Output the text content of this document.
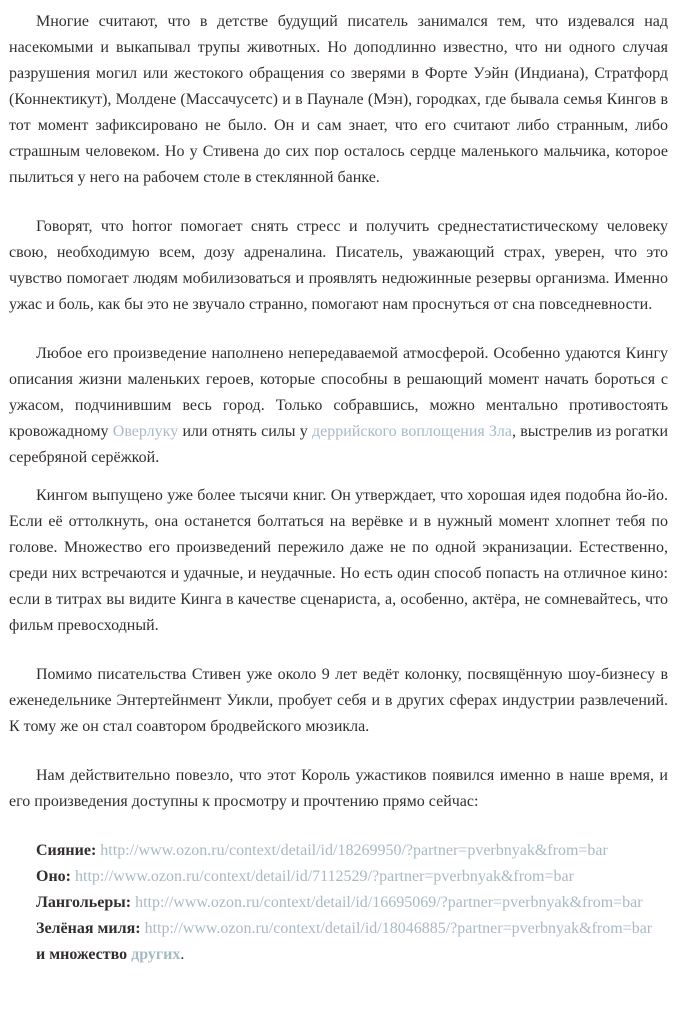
Многие считают, что в детстве будущий писатель занимался тем, что издевался над насекомыми и выкапывал трупы животных. Но доподлинно известно, что ни одного случая разрушения могил или жестокого обращения со зверями в Форте Уэйн (Индиана), Стратфорд (Коннектикут), Молдене (Массачусетс) и в Паунале (Мэн), городках, где бывала семья Кингов в тот момент зафиксировано не было. Он и сам знает, что его считают либо странным, либо страшным человеком. Но у Стивена до сих пор осталось сердце маленького мальчика, которое пылиться у него на рабочем столе в стеклянной банке.

Говорят, что horror помогает снять стресс и получить среднестатистическому человеку свою, необходимую всем, дозу адреналина. Писатель, уважающий страх, уверен, что это чувство помогает людям мобилизоваться и проявлять недюжинные резервы организма. Именно ужас и боль, как бы это не звучало странно, помогают нам проснуться от сна повседневности.

Любое его произведение наполнено непередаваемой атмосферой. Особенно удаются Кингу описания жизни маленьких героев, которые способны в решающий момент начать бороться с ужасом, подчинившим весь город. Только собравшись, можно ментально противостоять кровожадному Оверлуку или отнять силы у деррийского воплощения Зла, выстрелив из рогатки серебряной серёжкой.

Кингом выпущено уже более тысячи книг. Он утверждает, что хорошая идея подобна йо-йо. Если её оттолкнуть, она останется болтаться на верёвке и в нужный момент хлопнет тебя по голове. Множество его произведений пережило даже не по одной экранизации. Естественно, среди них встречаются и удачные, и неудачные. Но есть один способ попасть на отличное кино: если в титрах вы видите Кинга в качестве сценариста, а, особенно, актёра, не сомневайтесь, что фильм превосходный.

Помимо писательства Стивен уже около 9 лет ведёт колонку, посвящённую шоу-бизнесу в еженедельнике Энтертейнмент Уикли, пробует себя и в других сферах индустрии развлечений. К тому же он стал соавтором бродвейского мюзикла.

Нам действительно повезло, что этот Король ужастиков появился именно в наше время, и его произведения доступны к просмотру и прочтению прямо сейчас:

Сияние: http://www.ozon.ru/context/detail/id/18269950/?partner=pverbnyak&from=bar

Оно: http://www.ozon.ru/context/detail/id/7112529/?partner=pverbnyak&from=bar

Лангольеры: http://www.ozon.ru/context/detail/id/16695069/?partner=pverbnyak&from=bar

Зелёная миля: http://www.ozon.ru/context/detail/id/18046885/?partner=pverbnyak&from=bar

и множество других.
